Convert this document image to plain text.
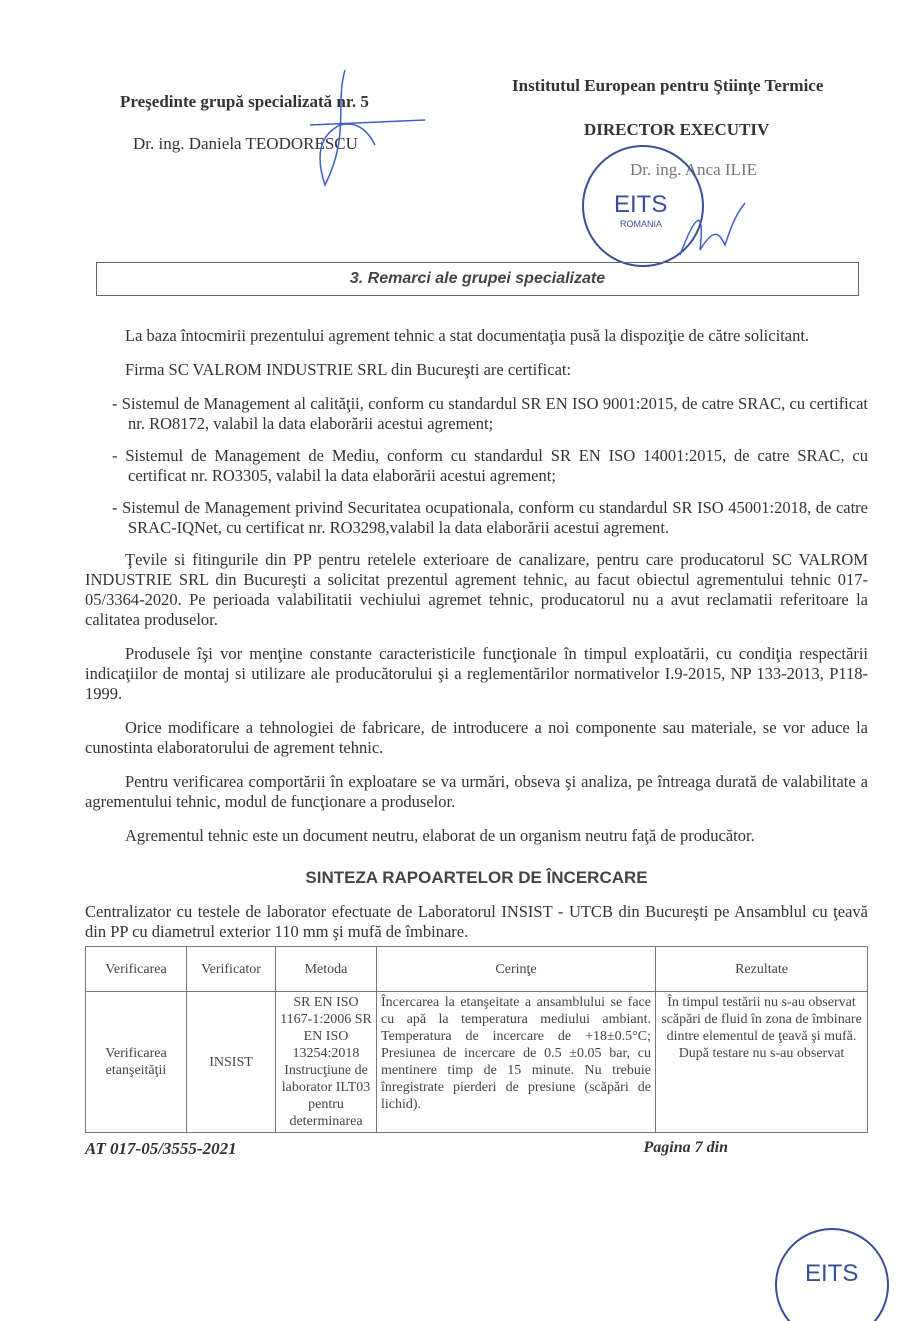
Preşedinte grupă specializată nr. 5
Dr. ing. Daniela TEODORESCU
Institutul European pentru Ştiinţe Termice
DIRECTOR EXECUTIV
Dr. ing. Anca ILIE
EITS
ROMANIA
3. Remarci ale grupei specializate
La baza întocmirii prezentului agrement tehnic a stat documentaţia pusă la dispoziţie de către solicitant.
Firma SC VALROM INDUSTRIE SRL din Bucureşti are certificat:
- Sistemul de Management al calităţii, conform cu standardul SR EN ISO 9001:2015, de catre SRAC, cu certificat nr. RO8172, valabil la data elaborării acestui agrement;
- Sistemul de Management de Mediu, conform cu standardul SR EN ISO 14001:2015, de catre SRAC, cu certificat nr. RO3305, valabil la data elaborării acestui agrement;
- Sistemul de Management privind Securitatea ocupationala, conform cu standardul SR ISO 45001:2018, de catre SRAC-IQNet, cu certificat nr. RO3298,valabil la data elaborării acestui agrement.
Ţevile si fitingurile din PP pentru retelele exterioare de canalizare, pentru care producatorul SC VALROM INDUSTRIE SRL din Bucureşti a solicitat prezentul agrement tehnic, au facut obiectul agrementului tehnic 017-05/3364-2020. Pe perioada valabilitatii vechiului agremet tehnic, producatorul nu a avut reclamatii referitoare la calitatea produselor.
Produsele îşi vor menţine constante caracteristicile funcţionale în timpul exploatării, cu condiţia respectării indicaţiilor de montaj si utilizare ale producătorului şi a reglementărilor normativelor I.9-2015, NP 133-2013, P118-1999.
Orice modificare a tehnologiei de fabricare, de introducere a noi componente sau materiale, se vor aduce la cunostinta elaboratorului de agrement tehnic.
Pentru verificarea comportării în exploatare se va urmări, obseva şi analiza, pe întreaga durată de valabilitate a agrementului tehnic, modul de funcţionare a produselor.
Agrementul tehnic este un document neutru, elaborat de un organism neutru faţă de producător.
SINTEZA RAPOARTELOR DE ÎNCERCARE
Centralizator cu testele de laborator efectuate de Laboratorul INSIST - UTCB din Bucureşti pe Ansamblul cu ţeavă din PP cu diametrul exterior 110 mm şi mufă de îmbinare.
Verificarea	Verificator	Metoda	Cerinţe	Rezultate
Verificarea etanşeităţii	INSIST	SR EN ISO 1167-1:2006 SR EN ISO 13254:2018 Instrucţiune de laborator ILT03 pentru determinarea	Încercarea la etanşeitate a ansamblului se face cu apă la temperatura mediului ambiant. Temperatura de incercare de +18±0.5°C; Presiunea de incercare de 0.5 ±0.05 bar, cu mentinere timp de 15 minute. Nu trebuie înregistrate pierderi de presiune (scăpări de lichid).	În timpul testării nu s-au observat scăpări de fluid în zona de îmbinare dintre elementul de ţeavă şi mufă. După testare nu s-au observat
AT 017-05/3555-2021	Pagina 7 din
EITS
